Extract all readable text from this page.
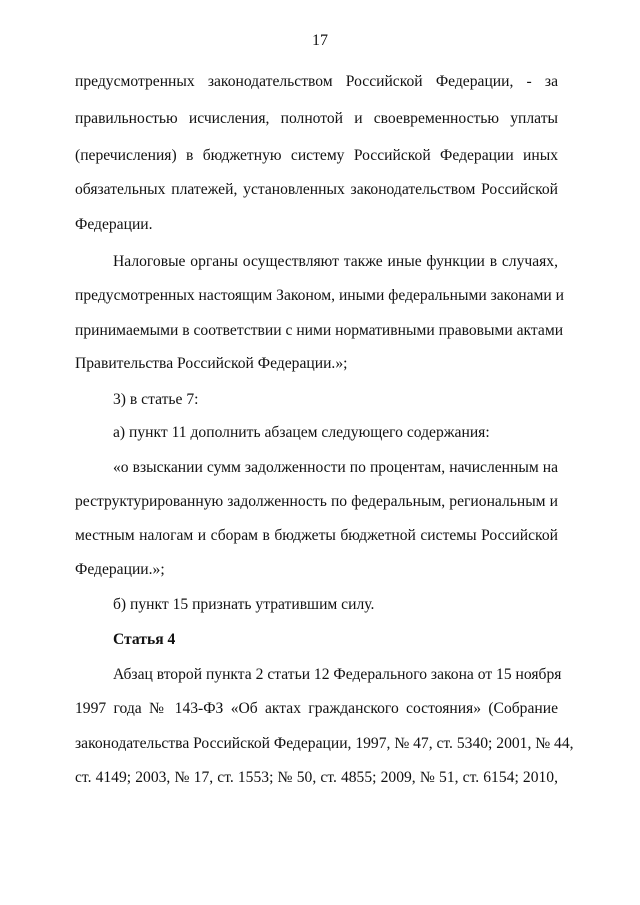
17
предусмотренных законодательством Российской Федерации, - за
правильностью исчисления, полнотой и своевременностью уплаты
(перечисления) в бюджетную систему Российской Федерации иных
обязательных платежей, установленных законодательством Российской
Федерации.
Налоговые органы осуществляют также иные функции в случаях,
предусмотренных настоящим Законом, иными федеральными законами и
принимаемыми в соответствии с ними нормативными правовыми актами
Правительства Российской Федерации.»;
3) в статье 7:
а) пункт 11 дополнить абзацем следующего содержания:
«о взыскании сумм задолженности по процентам, начисленным на
реструктурированную задолженность по федеральным, региональным и
местным налогам и сборам в бюджеты бюджетной системы Российской
Федерации.»;
б) пункт 15 признать утратившим силу.
Статья 4
Абзац второй пункта 2 статьи 12 Федерального закона от 15 ноября
1997 года № 143-ФЗ «Об актах гражданского состояния» (Собрание
законодательства Российской Федерации, 1997, № 47, ст. 5340; 2001, № 44,
ст. 4149; 2003, № 17, ст. 1553; № 50, ст. 4855; 2009, № 51, ст. 6154; 2010,
